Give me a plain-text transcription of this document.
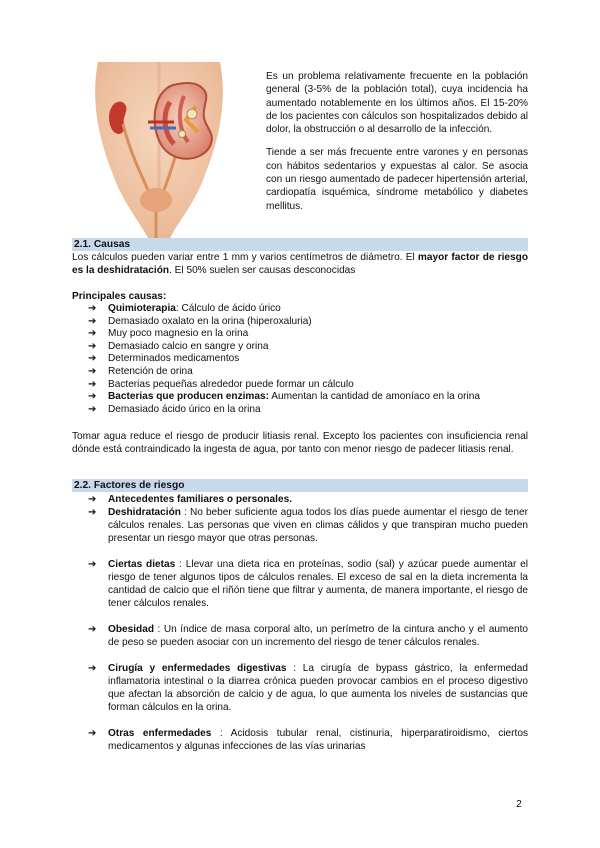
Es un problema relativamente frecuente en la población general (3-5% de la población total), cuya incidencia ha aumentado notablemente en los últimos años. El 15-20% de los pacientes con cálculos son hospitalizados debido al dolor, la obstrucción o al desarrollo de la infección.

Tiende a ser más frecuente entre varones y en personas con hábitos sedentarios y expuestas al calor. Se asocia con un riesgo aumentado de padecer hipertensión arterial, cardiopatía isquémica, síndrome metabólico y diabetes mellitus.

2.1. Causas

Los cálculos pueden variar entre 1 mm y varios centímetros de diámetro. El mayor factor de riesgo es la deshidratación. El 50% suelen ser causas desconocidas

Principales causas:
➔ Quimioterapia: Cálculo de ácido úrico
➔ Demasiado oxalato en la orina (hiperoxaluria)
➔ Muy poco magnesio en la orina
➔ Demasiado calcio en sangre y orina
➔ Determinados medicamentos
➔ Retención de orina
➔ Bacterias pequeñas alrededor puede formar un cálculo
➔ Bacterias que producen enzimas: Aumentan la cantidad de amoníaco en la orina
➔ Demasiado ácido úrico en la orina

Tomar agua reduce el riesgo de producir litiasis renal. Excepto los pacientes con insuficiencia renal dónde está contraindicado la ingesta de agua, por tanto con menor riesgo de padecer litiasis renal.

2.2. Factores de riesgo
➔ Antecedentes familiares o personales.
➔ Deshidratación : No beber suficiente agua todos los días puede aumentar el riesgo de tener cálculos renales. Las personas que viven en climas cálidos y que transpiran mucho pueden presentar un riesgo mayor que otras personas.
➔ Ciertas dietas : Llevar una dieta rica en proteínas, sodio (sal) y azúcar puede aumentar el riesgo de tener algunos tipos de cálculos renales. El exceso de sal en la dieta incrementa la cantidad de calcio que el riñón tiene que filtrar y aumenta, de manera importante, el riesgo de tener cálculos renales.
➔ Obesidad : Un índice de masa corporal alto, un perímetro de la cintura ancho y el aumento de peso se pueden asociar con un incremento del riesgo de tener cálculos renales.
➔ Cirugía y enfermedades digestivas : La cirugía de bypass gástrico, la enfermedad inflamatoria intestinal o la diarrea crónica pueden provocar cambios en el proceso digestivo que afectan la absorción de calcio y de agua, lo que aumenta los niveles de sustancias que forman cálculos en la orina.
➔ Otras enfermedades : Acidosis tubular renal, cistinuria, hiperparatiroidismo, ciertos medicamentos y algunas infecciones de las vías urinarias
2
